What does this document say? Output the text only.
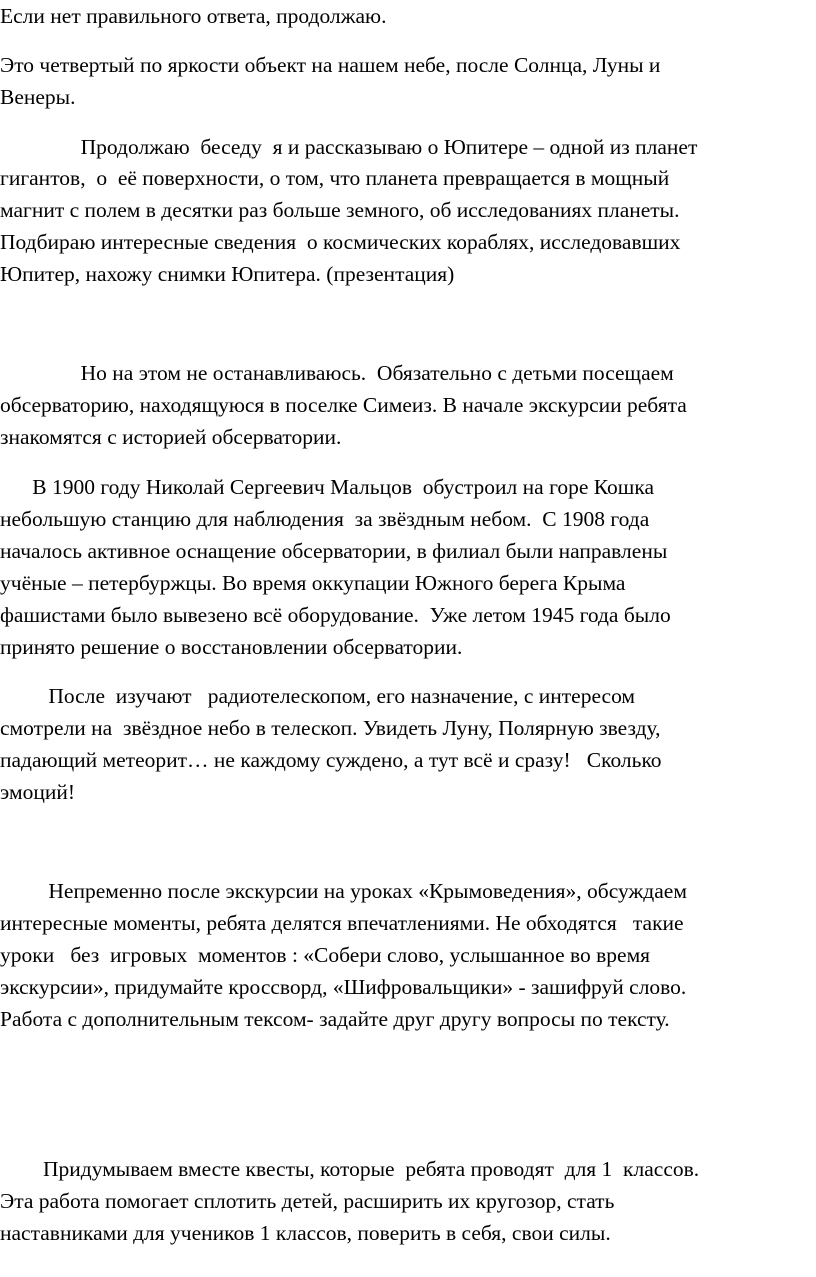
Если нет правильного ответа, продолжаю.
Это четвертый по яркости объект на нашем небе, после Солнца, Луны и
Венеры.
Продолжаю  беседу  я и рассказываю о Юпитере – одной из планет
гигантов,  о  её поверхности, о том, что планета превращается в мощный
магнит с полем в десятки раз больше земного, об исследованиях планеты.
Подбираю интересные сведения  о космических кораблях, исследовавших
Юпитер, нахожу снимки Юпитера. (презентация)
Но на этом не останавливаюсь.  Обязательно с детьми посещаем
обсерваторию, находящуюся в поселке Симеиз. В начале экскурсии ребята
знакомятся с историей обсерватории.
В 1900 году Николай Сергеевич Мальцов  обустроил на горе Кошка
небольшую станцию для наблюдения  за звёздным небом.  С 1908 года
началось активное оснащение обсерватории, в филиал были направлены
учёные – петербуржцы. Во время оккупации Южного берега Крыма
фашистами было вывезено всё оборудование.  Уже летом 1945 года было
принято решение о восстановлении обсерватории.
После  изучают   радиотелескопом, его назначение, с интересом
смотрели на  звёздное небо в телескоп. Увидеть Луну, Полярную звезду,
падающий метеорит… не каждому суждено, а тут всё и сразу!   Сколько
эмоций!
Непременно после экскурсии на уроках «Крымоведения», обсуждаем
интересные моменты, ребята делятся впечатлениями. Не обходятся   такие
уроки   без  игровых  моментов : «Собери слово, услышанное во время
экскурсии», придумайте кроссворд, «Шифровальщики» - зашифруй слово.
Работа с дополнительным тексом- задайте друг другу вопросы по тексту.
Придумываем вместе квесты, которые  ребята проводят  для 1  классов.
Эта работа помогает сплотить детей, расширить их кругозор, стать
наставниками для учеников 1 классов, поверить в себя, свои силы.
